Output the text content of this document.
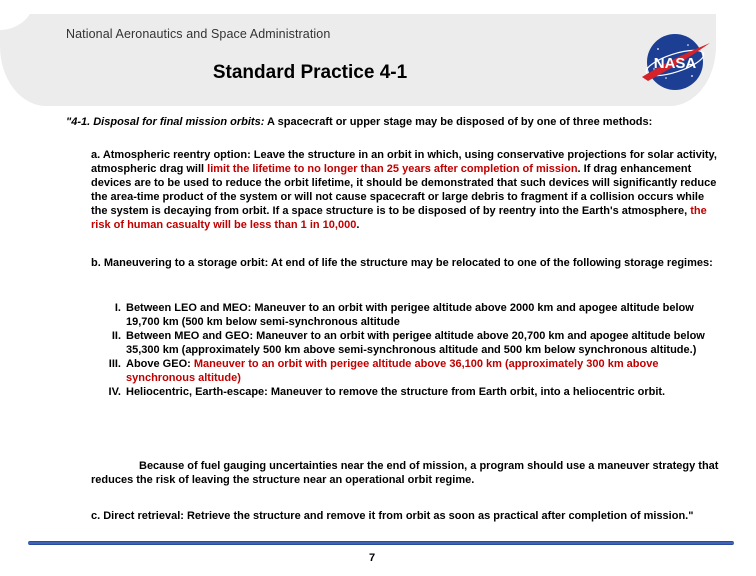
National Aeronautics and Space Administration
Standard Practice 4-1	NASA
"4-1. Disposal for final mission orbits: A spacecraft or upper stage may be disposed of by one of three methods:
a. Atmospheric reentry option: Leave the structure in an orbit in which, using conservative projections for solar activity, atmospheric drag will limit the lifetime to no longer than 25 years after completion of mission. If drag enhancement devices are to be used to reduce the orbit lifetime, it should be demonstrated that such devices will significantly reduce the area-time product of the system or will not cause spacecraft or large debris to fragment if a collision occurs while the system is decaying from orbit. If a space structure is to be disposed of by reentry into the Earth's atmosphere, the risk of human casualty will be less than 1 in 10,000.
b. Maneuvering to a storage orbit: At end of life the structure may be relocated to one of the following storage regimes:
I. Between LEO and MEO: Maneuver to an orbit with perigee altitude above 2000 km and apogee altitude below 19,700 km (500 km below semi-synchronous altitude
II. Between MEO and GEO: Maneuver to an orbit with perigee altitude above 20,700 km and apogee altitude below 35,300 km (approximately 500 km above semi-synchronous altitude and 500 km below synchronous altitude.)
III. Above GEO: Maneuver to an orbit with perigee altitude above 36,100 km (approximately 300 km above synchronous altitude)
IV. Heliocentric, Earth-escape: Maneuver to remove the structure from Earth orbit, into a heliocentric orbit.
Because of fuel gauging uncertainties near the end of mission, a program should use a maneuver strategy that reduces the risk of leaving the structure near an operational orbit regime.
c. Direct retrieval: Retrieve the structure and remove it from orbit as soon as practical after completion of mission."
7
